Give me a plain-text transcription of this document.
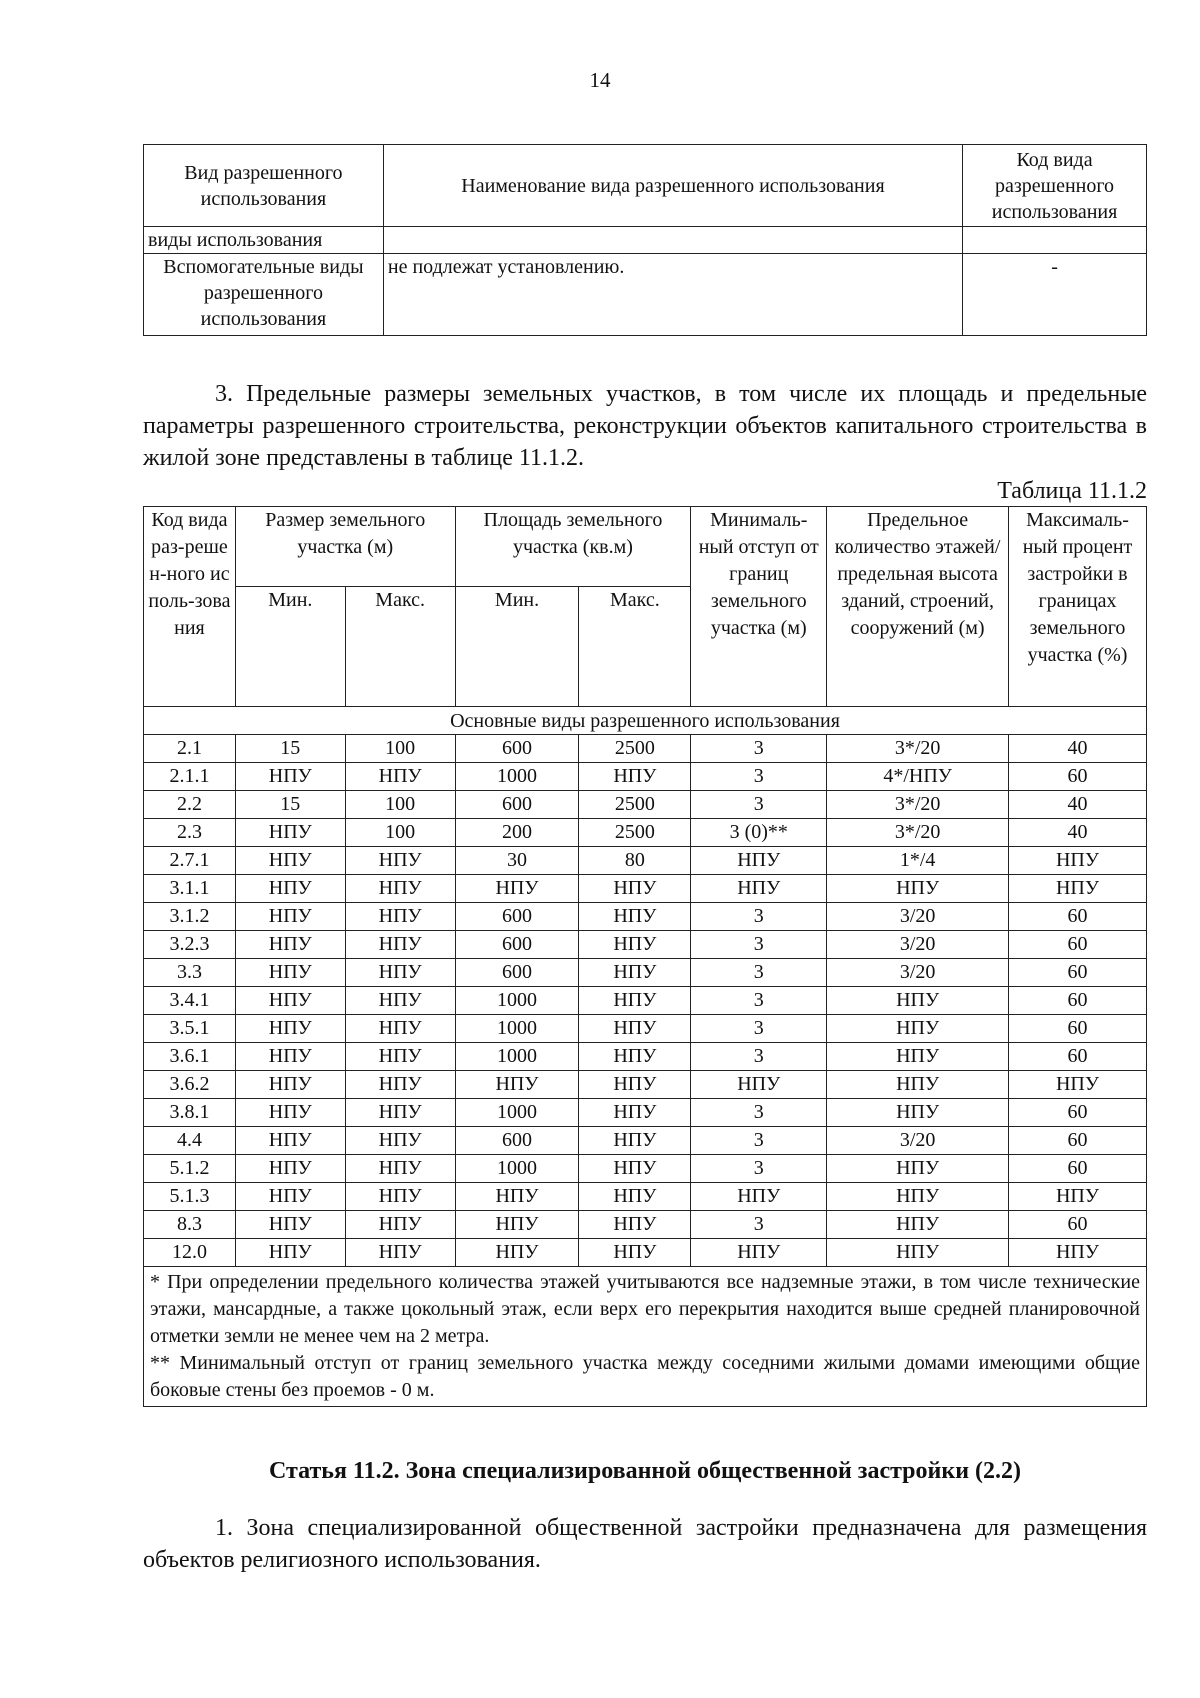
14
Вид разрешенного использования	Наименование вида разрешенного использования	Код вида разрешенного использования
виды использования		
Вспомогательные виды разрешенного использования	не подлежат установлению.	-

3. Предельные размеры земельных участков, в том числе их площадь и предельные параметры разрешенного строительства, реконструкции объектов капитального строительства в жилой зоне представлены в таблице 11.1.2.

Таблица 11.1.2
Код вида раз-решен-ного исполь-зования	Размер земельного участка (м)		Площадь земельного участка (кв.м)		Минималь-ный отступ от границ земельного участка (м)	Предельное количество этажей/ предельная высота зданий, строений, сооружений (м)	Максималь-ный процент застройки в границах земельного участка (%)
	Мин.	Макс.	Мин.	Макс.			
Основные виды разрешенного использования							
2.1	15	100	600	2500	3	3*/20	40
2.1.1	НПУ	НПУ	1000	НПУ	3	4*/НПУ	60
2.2	15	100	600	2500	3	3*/20	40
2.3	НПУ	100	200	2500	3 (0)**	3*/20	40
2.7.1	НПУ	НПУ	30	80	НПУ	1*/4	НПУ
3.1.1	НПУ	НПУ	НПУ	НПУ	НПУ	НПУ	НПУ
3.1.2	НПУ	НПУ	600	НПУ	3	3/20	60
3.2.3	НПУ	НПУ	600	НПУ	3	3/20	60
3.3	НПУ	НПУ	600	НПУ	3	3/20	60
3.4.1	НПУ	НПУ	1000	НПУ	3	НПУ	60
3.5.1	НПУ	НПУ	1000	НПУ	3	НПУ	60
3.6.1	НПУ	НПУ	1000	НПУ	3	НПУ	60
3.6.2	НПУ	НПУ	НПУ	НПУ	НПУ	НПУ	НПУ
3.8.1	НПУ	НПУ	1000	НПУ	3	НПУ	60
4.4	НПУ	НПУ	600	НПУ	3	3/20	60
5.1.2	НПУ	НПУ	1000	НПУ	3	НПУ	60
5.1.3	НПУ	НПУ	НПУ	НПУ	НПУ	НПУ	НПУ
8.3	НПУ	НПУ	НПУ	НПУ	3	НПУ	60
12.0	НПУ	НПУ	НПУ	НПУ	НПУ	НПУ	НПУ

* При определении предельного количества этажей учитываются все надземные этажи, в том числе технические этажи, мансардные, а также цокольный этаж, если верх его перекрытия находится выше средней планировочной отметки земли не менее чем на 2 метра.

** Минимальный отступ от границ земельного участка между соседними жилыми домами имеющими общие боковые стены без проемов - 0 м.							

Статья 11.2. Зона специализированной общественной застройки (2.2)

1. Зона специализированной общественной застройки предназначена для размещения объектов религиозного использования.
